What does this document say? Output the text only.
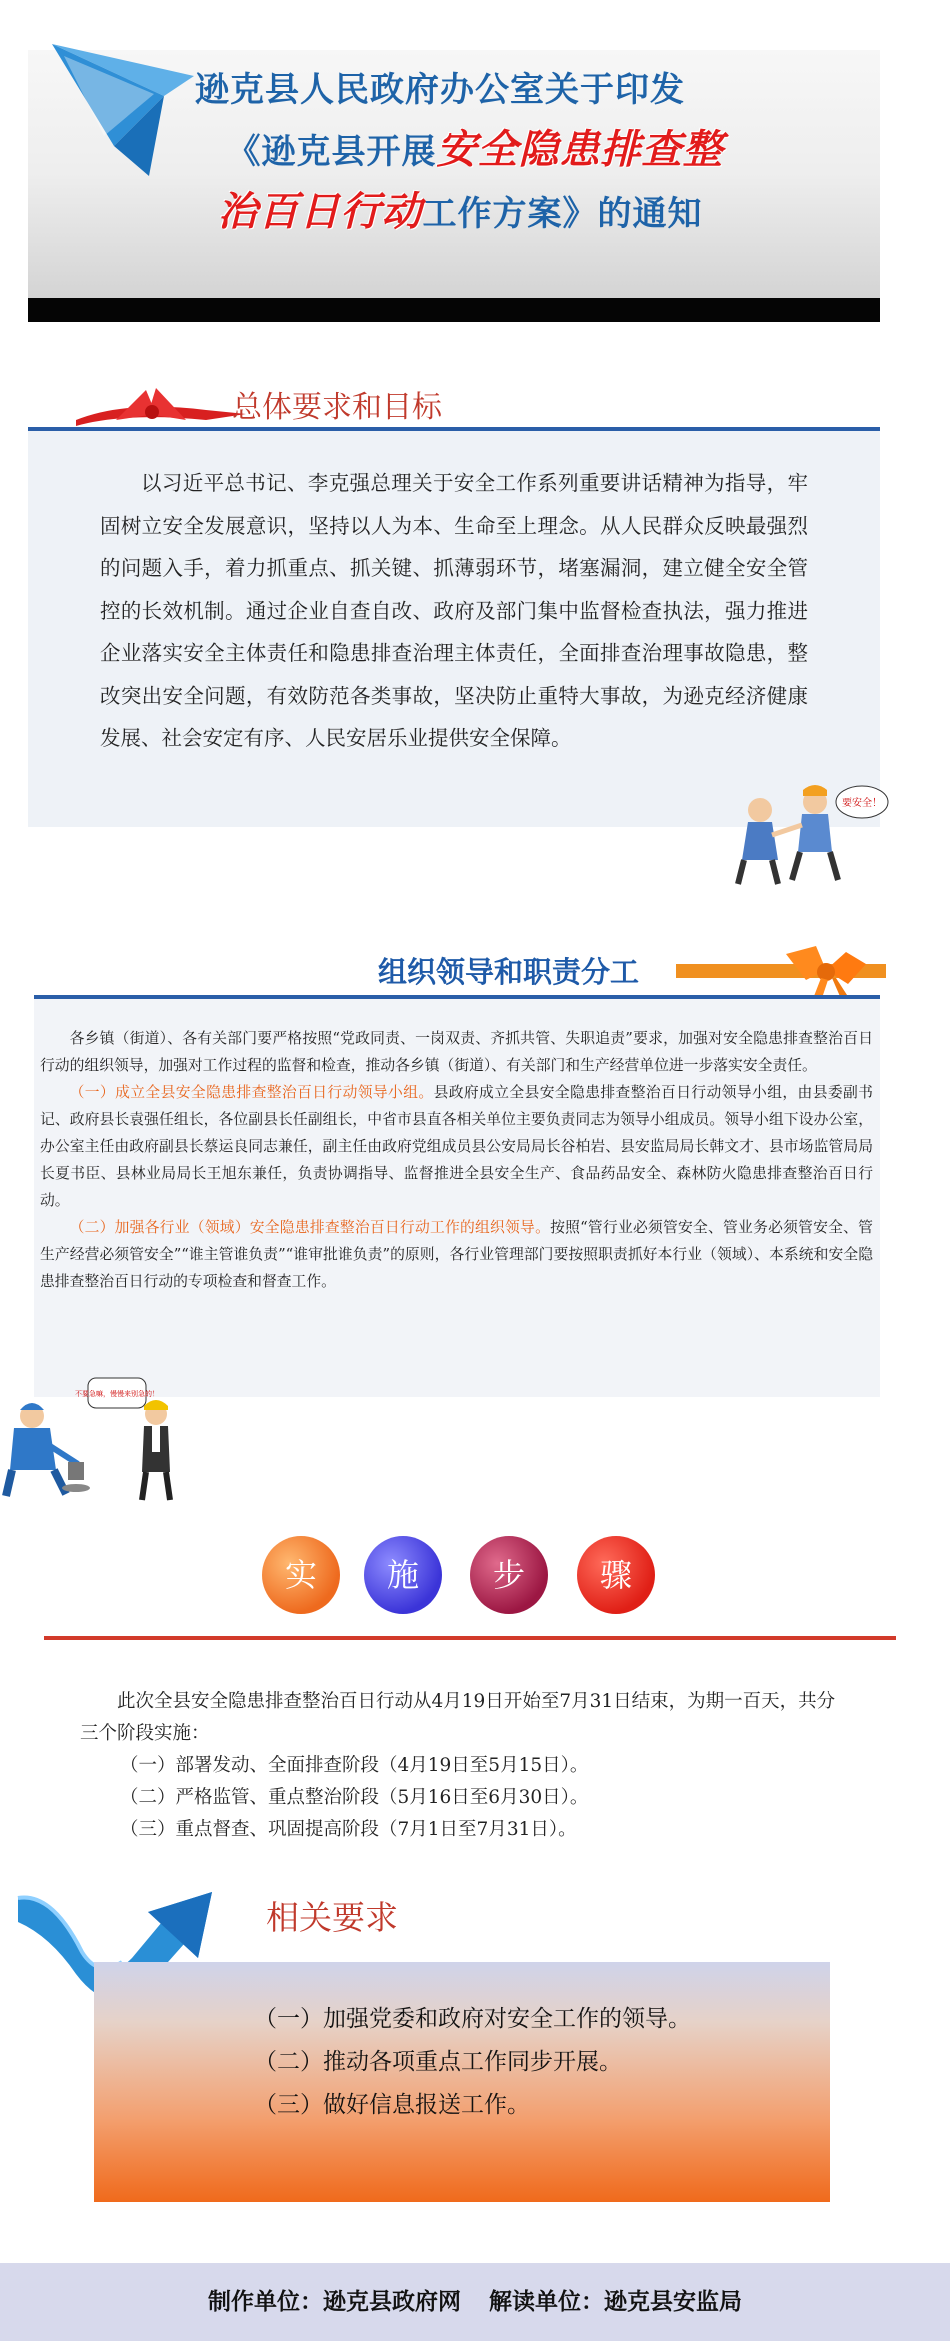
逊克县人民政府办公室关于印发
《逊克县开展安全隐患排查整
治百日行动工作方案》的通知
总体要求和目标
以习近平总书记、李克强总理关于安全工作系列重要讲话精神为指导，牢固树立安全发展意识，坚持以人为本、生命至上理念。从人民群众反映最强烈的问题入手，着力抓重点、抓关键、抓薄弱环节，堵塞漏洞，建立健全安全管控的长效机制。通过企业自查自改、政府及部门集中监督检查执法，强力推进企业落实安全主体责任和隐患排查治理主体责任，全面排查治理事故隐患，整改突出安全问题，有效防范各类事故，坚决防止重特大事故，为逊克经济健康发展、社会安定有序、人民安居乐业提供安全保障。
要安全！
组织领导和职责分工

各乡镇（街道）、各有关部门要严格按照“党政同责、一岗双责、齐抓共管、失职追责”要求，加强对安全隐患排查整治百日行动的组织领导，加强对工作过程的监督和检查，推动各乡镇（街道）、有关部门和生产经营单位进一步落实安全责任。

（一）成立全县安全隐患排查整治百日行动领导小组。县政府成立全县安全隐患排查整治百日行动领导小组，由县委副书记、政府县长袁强任组长，各位副县长任副组长，中省市县直各相关单位主要负责同志为领导小组成员。领导小组下设办公室，办公室主任由政府副县长蔡运良同志兼任，副主任由政府党组成员县公安局局长谷柏岩、县安监局局长韩文才、县市场监管局局长夏书臣、县林业局局长王旭东兼任，负责协调指导、监督推进全县安全生产、食品药品安全、森林防火隐患排查整治百日行动。

（二）加强各行业（领域）安全隐患排查整治百日行动工作的组织领导。按照“管行业必须管安全、管业务必须管安全、管生产经营必须管安全”“谁主管谁负责”“谁审批谁负责”的原则，各行业管理部门要按照职责抓好本行业（领域）、本系统和安全隐患排查整治百日行动的专项检查和督查工作。

不要急嘛，慢慢来别急的！
实	施	步	骤

此次全县安全隐患排查整治百日行动从4月19日开始至7月31日结束，为期一百天，共分三个阶段实施：

（一）部署发动、全面排查阶段（4月19日至5月15日）。

（二）严格监管、重点整治阶段（5月16日至6月30日）。

（三）重点督查、巩固提高阶段（7月1日至7月31日）。

相关要求
（一）加强党委和政府对安全工作的领导。
（二）推动各项重点工作同步开展。
（三）做好信息报送工作。
制作单位：逊克县政府网 解读单位：逊克县安监局
